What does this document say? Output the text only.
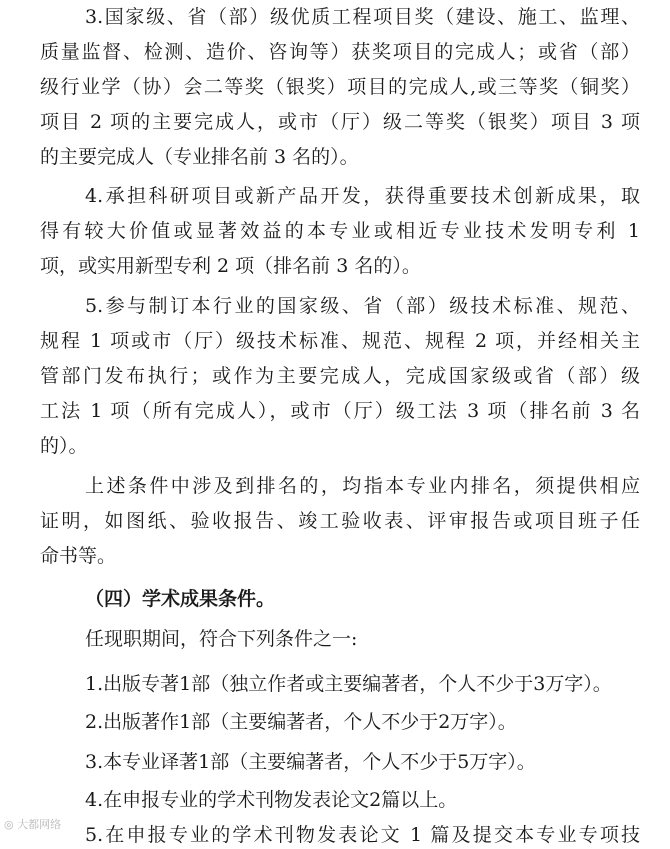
3.国家级、省（部）级优质工程项目奖（建设、施工、监理、
质量监督、检测、造价、咨询等）获奖项目的完成人；或省（部）
级行业学（协）会二等奖（银奖）项目的完成人,或三等奖（铜奖）
项目 2 项的主要完成人，或市（厅）级二等奖（银奖）项目 3 项
的主要完成人（专业排名前 3 名的）。
4.承担科研项目或新产品开发，获得重要技术创新成果，取
得有较大价值或显著效益的本专业或相近专业技术发明专利 1
项，或实用新型专利 2 项（排名前 3 名的）。
5.参与制订本行业的国家级、省（部）级技术标准、规范、
规程 1 项或市（厅）级技术标准、规范、规程 2 项，并经相关主
管部门发布执行；或作为主要完成人，完成国家级或省（部）级
工法 1 项（所有完成人），或市（厅）级工法 3 项（排名前 3 名
的）。
上述条件中涉及到排名的，均指本专业内排名，须提供相应
证明，如图纸、验收报告、竣工验收表、评审报告或项目班子任
命书等。
（四）学术成果条件。
任现职期间，符合下列条件之一:
1.出版专著1部（独立作者或主要编著者，个人不少于3万字）。
2.出版著作1部（主要编著者，个人不少于2万字）。
3.本专业译著1部（主要编著者，个人不少于5万字）。
4.在申报专业的学术刊物发表论文2篇以上。
5.在申报专业的学术刊物发表论文 1 篇及提交本专业专项技
◎ 大都网络
